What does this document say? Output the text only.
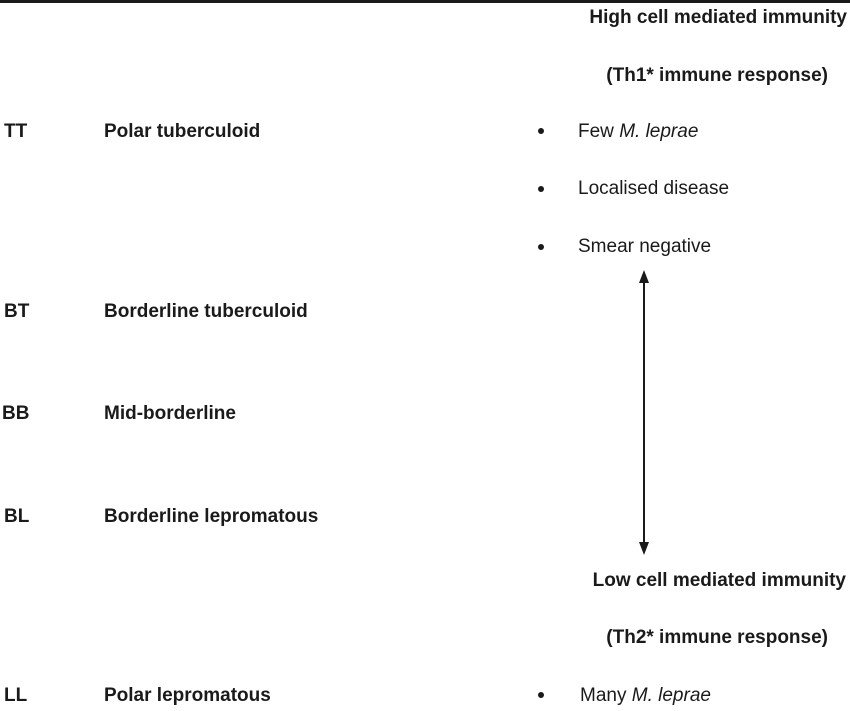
High cell mediated immunity
(Th1* immune response)
TT	Polar tuberculoid	Few M. leprae
Localised disease
Smear negative
BT	Borderline tuberculoid
BB	Mid-borderline
BL	Borderline lepromatous
Low cell mediated immunity
(Th2* immune response)
LL	Polar lepromatous	Many M. leprae
